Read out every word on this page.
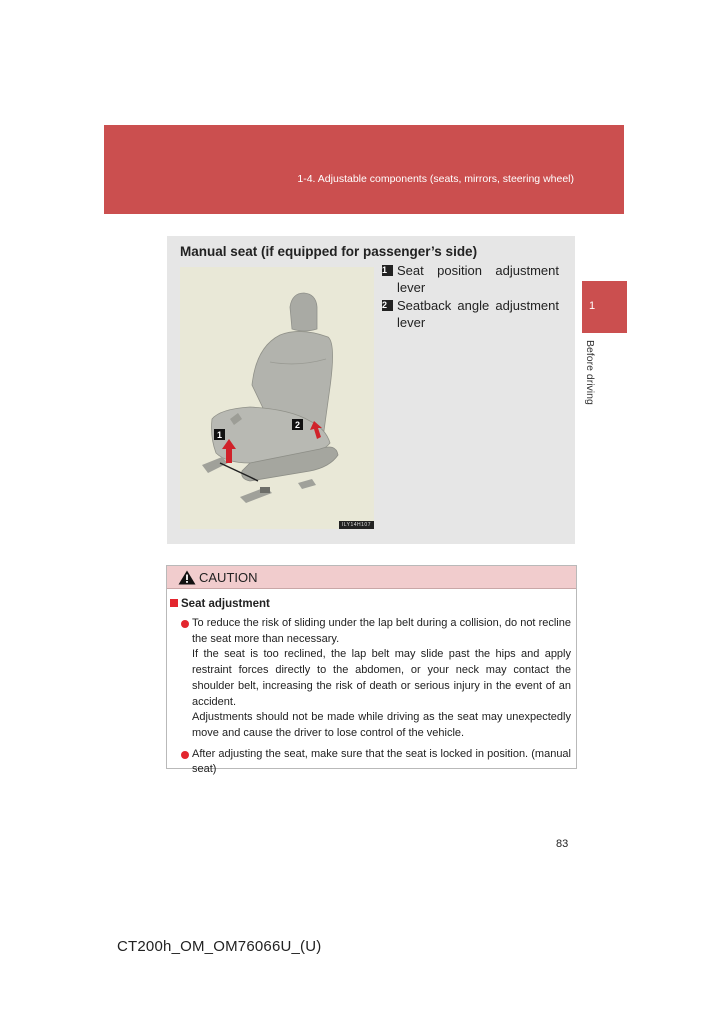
1-4. Adjustable components (seats, mirrors, steering wheel)
1
Before driving
Manual seat (if equipped for passenger’s side)
1
2
ILY14H107
1 Seat position adjustment lever
2 Seatback angle adjustment lever
CAUTION
Seat adjustment

To reduce the risk of sliding under the lap belt during a collision, do not recline the seat more than necessary.

If the seat is too reclined, the lap belt may slide past the hips and apply restraint forces directly to the abdomen, or your neck may contact the shoulder belt, increasing the risk of death or serious injury in the event of an accident.

Adjustments should not be made while driving as the seat may unexpectedly move and cause the driver to lose control of the vehicle.

After adjusting the seat, make sure that the seat is locked in position. (manual seat)

83
CT200h_OM_OM76066U_(U)
